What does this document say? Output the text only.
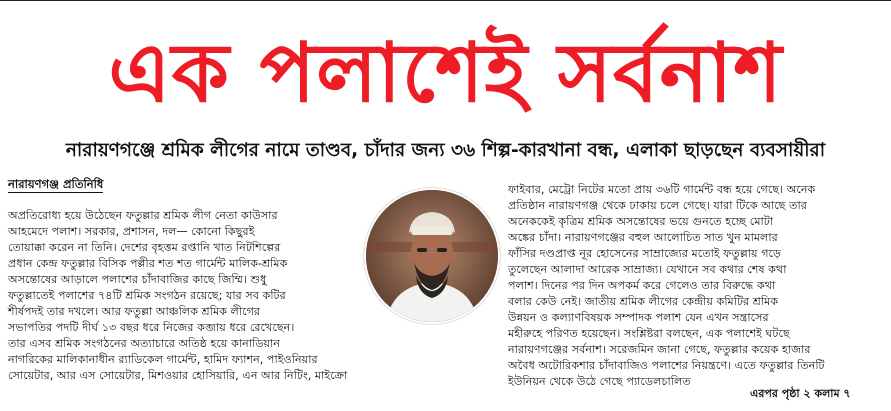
এক পলাশেই সর্বনাশ
নারায়ণগঞ্জে শ্রমিক লীগের নামে তাণ্ডব, চাঁদার জন্য ৩৬ শিল্প-কারখানা বন্ধ, এলাকা ছাড়ছেন ব্যবসায়ীরা
নারায়ণগঞ্জ প্রতিনিধি

অপ্রতিরোধ্য হয়ে উঠেছেন ফতুল্লার শ্রমিক লীগ নেতা কাউসার

আহমেদে পলাশ। সরকার, প্রশাসন, দল— কোনো কিছুরই

তোয়াক্কা করেন না তিনি। দেশের বৃহত্তম রপ্তানি খাত নিটশিল্পের

প্রধান কেন্দ্র ফতুল্লার বিসিক পল্লীর শত শত গার্মেন্ট মালিক-শ্রমিক

অসন্তোষের আড়ালে পলাশের চাঁদাবাজির কাছে জিম্মি। শুধু

ফতুল্লাতেই পলাশের ৭৪টি শ্রমিক সংগঠন রয়েছে; যার সব কটির

শীর্ষপদই তার দখলে। আর ফতুল্লা আঞ্চলিক শ্রমিক লীগের

সভাপতির পদটি দীর্ঘ ১৩ বছর ধরে নিজের কব্জায় ধরে রেখেছেন।

তার এসব শ্রমিক সংগঠনের অত্যাচারে অতিষ্ঠ হয়ে কানাডিয়ান

নাগরিকের মালিকানাধীন র‌্যাডিকেল গার্মেন্ট, হামিদ ফ্যাশন, পাইওনিয়ার

সোয়েটার, আর এস সোয়েটার, মিশওয়ার হোসিয়ারি, এন আর নিটিং, মাইক্রো

ফাইবার, মেট্রো নিটের মতো প্রায় ৩৬টি গার্মেন্ট বন্ধ হয়ে গেছে। অনেক

প্রতিষ্ঠান নারায়ণগঞ্জ থেকে ঢাকায় চলে গেছে। যারা টিকে আছে তার

অনেককেই কৃত্রিম শ্রমিক অসন্তোষের ভয়ে গুনতে হচ্ছে মোটা

অঙ্কের চাঁদা। নারায়ণগঞ্জের বহুল আলোচিত সাত খুন মামলার

ফাঁসির দণ্ডপ্রাপ্ত নূর হোসেনের সাম্রাজ্যের মতোই ফতুল্লায় গড়ে

তুলেছেন আলাদা আরেক সাম্রাজ্য। যেখানে সব কথার শেষ কথা

পলাশ। দিনের পর দিন অপকর্ম করে গেলেও তার বিরুদ্ধে কথা

বলার কেউ নেই। জাতীয় শ্রমিক লীগের কেন্দ্রীয় কমিটির শ্রমিক

উন্নয়ন ও কল্যাণবিষয়ক সম্পাদক পলাশ যেন এখন সন্ত্রাসের

মহীরুহে পরিণত হয়েছেন। সংশ্লিষ্টরা বলছেন, এক পলাশেই ঘটছে

নারায়ণগঞ্জের সর্বনাশ। সরেজমিন জানা গেছে, ফতুল্লার কয়েক হাজার

অবৈধ অটোরিকশার চাঁদাবাজিও পলাশের নিয়ন্ত্রণে। এতে ফতুল্লার তিনটি

ইউনিয়ন থেকে উঠে গেছে প্যাডেলচালিত

এরপর পৃষ্ঠা ২ কলাম ৭
